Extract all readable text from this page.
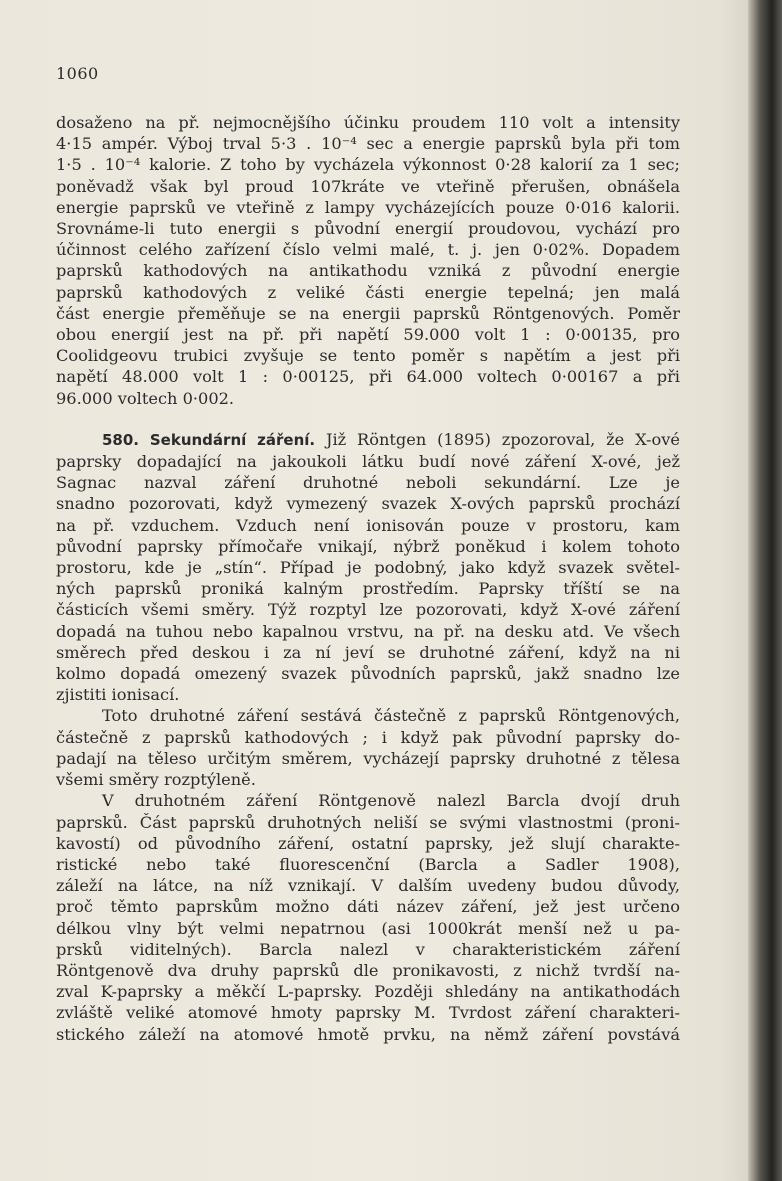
1060

dosaženo na př. nejmocnějšího účinku proudem 110 volt a intensity
4·15 ampér. Výboj trval 5·3 . 10⁻⁴ sec a energie paprsků byla při tom
1·5 . 10⁻⁴ kalorie. Z toho by vycházela výkonnost 0·28 kalorií za 1 sec;
poněvadž však byl proud 107kráte ve vteřině přerušen, obnášela
energie paprsků ve vteřině z lampy vycházejících pouze 0·016 kalorii.
Srovnáme-li tuto energii s původní energií proudovou, vychází pro
účinnost celého zařízení číslo velmi malé, t. j. jen 0·02%. Dopadem
paprsků kathodových na antikathodu vzniká z původní energie
paprsků kathodových z veliké části energie tepelná; jen malá
část energie přeměňuje se na energii paprsků Röntgenových. Poměr
obou energií jest na př. při napětí 59.000 volt 1 : 0·00135, pro
Coolidgeovu trubici zvyšuje se tento poměr s napětím a jest při
napětí 48.000 volt 1 : 0·00125, při 64.000 voltech 0·00167 a při
96.000 voltech 0·002.

580. Sekundární záření. Již Röntgen (1895) zpozoroval, že X-ové
paprsky dopadající na jakoukoli látku budí nové záření X-ové, jež
Sagnac nazval záření druhotné neboli sekundární. Lze je
snadno pozorovati, když vymezený svazek X-ových paprsků prochází
na př. vzduchem. Vzduch není ionisován pouze v prostoru, kam
původní paprsky přímočaře vnikají, nýbrž poněkud i kolem tohoto
prostoru, kde je „stín“. Případ je podobný, jako když svazek světel-
ných paprsků proniká kalným prostředím. Paprsky tříští se na
částicích všemi směry. Týž rozptyl lze pozorovati, když X-ové záření
dopadá na tuhou nebo kapalnou vrstvu, na př. na desku atd. Ve všech
směrech před deskou i za ní jeví se druhotné záření, když na ni
kolmo dopadá omezený svazek původních paprsků, jakž snadno lze
zjistiti ionisací.

Toto druhotné záření sestává částečně z paprsků Röntgenových,
částečně z paprsků kathodových ; i když pak původní paprsky do-
padají na těleso určitým směrem, vycházejí paprsky druhotné z tělesa
všemi směry rozptýleně.

V druhotném záření Röntgenově nalezl Barcla dvojí druh
paprsků. Část paprsků druhotných neliší se svými vlastnostmi (proni-
kavostí) od původního záření, ostatní paprsky, jež slují charakte-
ristické nebo také fluorescenční (Barcla a Sadler 1908),
záleží na látce, na níž vznikají. V dalším uvedeny budou důvody,
proč těmto paprskům možno dáti název záření, jež jest určeno
délkou vlny být velmi nepatrnou (asi 1000krát menší než u pa-
prsků viditelných). Barcla nalezl v charakteristickém záření
Röntgenově dva druhy paprsků dle pronikavosti, z nichž tvrdší na-
zval K-paprsky a měkčí L-paprsky. Později shledány na antikathodách
zvláště veliké atomové hmoty paprsky M. Tvrdost záření charakteri-
stického záleží na atomové hmotě prvku, na němž záření povstává
